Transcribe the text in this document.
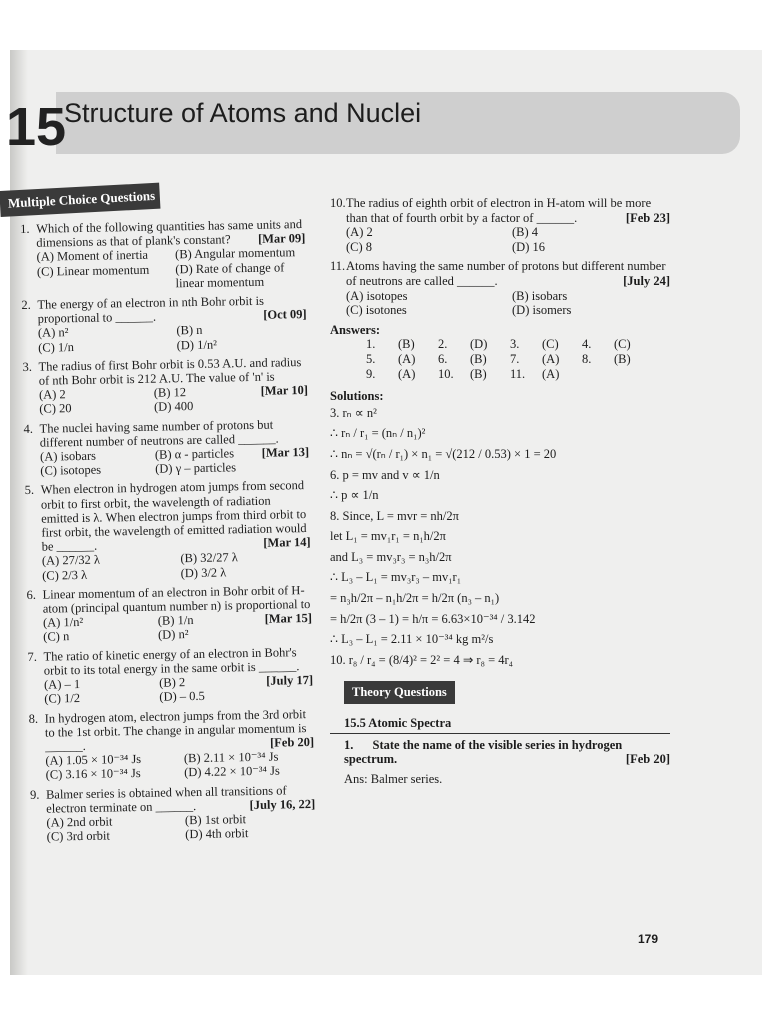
15
Structure of Atoms and Nuclei
Multiple Choice Questions
1. Which of the following quantities has same units and dimensions as that of plank's constant? [Mar 09]
(A) Moment of inertia	(B) Angular momentum
(C) Linear momentum	(D) Rate of change of linear momentum
2. The energy of an electron in nth Bohr orbit is proportional to ______.	[Oct 09]
(A) n²	(B) n
(C) 1/n	(D) 1/n²
3. The radius of first Bohr orbit is 0.53 A.U. and radius of nth Bohr orbit is 212 A.U. The value of 'n' is
[Mar 10]
(A) 2	(B) 12
(C) 20	(D) 400
4. The nuclei having same number of protons but different number of neutrons are called ______.
[Mar 13]
(A) isobars	(B) α - particles
(C) isotopes	(D) γ – particles
5. When electron in hydrogen atom jumps from second orbit to first orbit, the wavelength of radiation emitted is λ. When electron jumps from third orbit to first orbit, the wavelength of emitted radiation would be ______.	[Mar 14]
(A) 27/32 λ	(B) 32/27 λ
(C) 2/3 λ	(D) 3/2 λ
6. Linear momentum of an electron in Bohr orbit of H-atom (principal quantum number n) is proportional to
[Mar 15]
(A) 1/n²	(B) 1/n
(C) n	(D) n²
7. The ratio of kinetic energy of an electron in Bohr's orbit to its total energy in the same orbit is ______.
[July 17]
(A) – 1	(B) 2
(C) 1/2	(D) – 0.5
8. In hydrogen atom, electron jumps from the 3rd orbit to the 1st orbit. The change in angular momentum is ______.	[Feb 20]
(A) 1.05 × 10⁻³⁴ Js	(B) 2.11 × 10⁻³⁴ Js
(C) 3.16 × 10⁻³⁴ Js	(D) 4.22 × 10⁻³⁴ Js
9. Balmer series is obtained when all transitions of electron terminate on ______.	[July 16, 22]
(A) 2nd orbit	(B) 1st orbit
(C) 3rd orbit	(D) 4th orbit
10. The radius of eighth orbit of electron in H-atom will be more than that of fourth orbit by a factor of ______.	[Feb 23]
(A) 2	(B) 4
(C) 8	(D) 16
11. Atoms having the same number of protons but different number of neutrons are called ______.	[July 24]
(A) isotopes	(B) isobars
(C) isotones	(D) isomers
Answers:
1.	(B)	2.	(D)	3.	(C)	4.	(C)
5.	(A)	6.	(B)	7.	(A)	8.	(B)
9.	(A)	10.	(B)	11.	(A)
Solutions:
3. rₙ ∝ n²
∴ rₙ / r₁ = (nₙ / n₁)²
∴ nₙ = √(rₙ / r₁) × n₁ = √(212 / 0.53) × 1 = 20
6. p = mv and v ∝ 1/n
∴ p ∝ 1/n
8. Since, L = mvr = nh/2π
let L₁ = mv₁r₁ = n₁h/2π
and L₃ = mv₃r₃ = n₃h/2π
∴ L₃ – L₁ = mv₃r₃ – mv₁r₁
= n₃h/2π – n₁h/2π = h/2π (n₃ – n₁)
= h/2π (3 – 1) = h/π = 6.63×10⁻³⁴ / 3.142
∴ L₃ – L₁ = 2.11 × 10⁻³⁴ kg m²/s
10. r₈ / r₄ = (8/4)² = 2² = 4 ⇒ r₈ = 4r₄
Theory Questions
15.5 Atomic Spectra
1. State the name of the visible series in hydrogen spectrum.	[Feb 20]
Ans: Balmer series.
179
